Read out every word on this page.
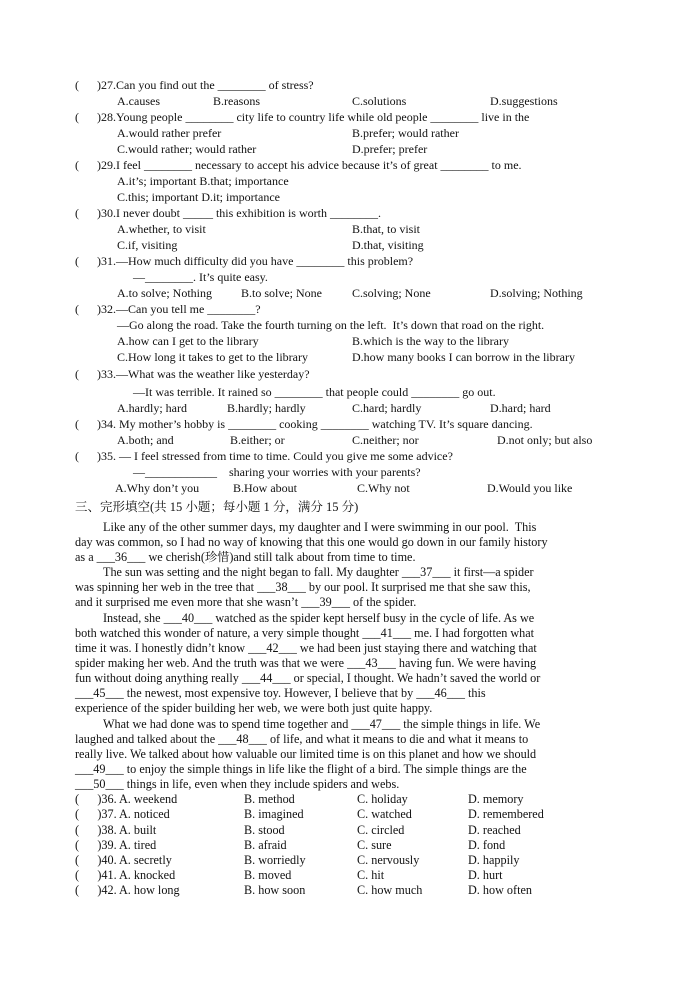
(      )27.Can you find out the ________ of stress?
A.causes	B.reasons	C.solutions	D.suggestions
(      )28.Young people ________ city life to country life while old people ________ live in the
A.would rather prefer	B.prefer; would rather
C.would rather; would rather	D.prefer; prefer
(      )29.I feel ________ necessary to accept his advice because it’s of great ________ to me.
A.it’s; important B.that; importance
C.this; important D.it; importance
(      )30.I never doubt _____ this exhibition is worth ________.
A.whether, to visit	B.that, to visit
C.if, visiting	D.that, visiting
(      )31.—How much difficulty did you have ________ this problem?
—________. It’s quite easy.
A.to solve; Nothing B.to solve; None	C.solving; None	D.solving; Nothing
(      )32.—Can you tell me ________?
—Go along the road. Take the fourth turning on the left.  It’s down that road on the right.
A.how can I get to the library	B.which is the way to the library
C.How long it takes to get to the library	D.how many books I can borrow in the library
(      )33.—What was the weather like yesterday?
—It was terrible. It rained so ________ that people could ________ go out.
A.hardly; hard	B.hardly; hardly	C.hard; hardly	D.hard; hard
(      )34. My mother’s hobby is ________ cooking ________ watching TV. It’s square dancing.
A.both; and	B.either; or	C.neither; nor	D.not only; but also
(      )35. — I feel stressed from time to time. Could you give me some advice?
—____________    sharing your worries with your parents?
A.Why don’t you	B.How about	C.Why not	D.Would you like
三、完形填空(共 15 小题；每小题 1 分，满分 15 分)
Like any of the other summer days, my daughter and I were swimming in our pool.  This
day was common, so I had no way of knowing that this one would go down in our family history
as a ___36___ we cherish(珍惜)and still talk about from time to time.
The sun was setting and the night began to fall. My daughter ___37___ it first—a spider
was spinning her web in the tree that ___38___ by our pool. It surprised me that she saw this,
and it surprised me even more that she wasn’t ___39___ of the spider.
Instead, she ___40___ watched as the spider kept herself busy in the cycle of life. As we
both watched this wonder of nature, a very simple thought ___41___ me. I had forgotten what
time it was. I honestly didn’t know ___42___ we had been just staying there and watching that
spider making her web. And the truth was that we were ___43___ having fun. We were having
fun without doing anything really ___44___ or special, I thought. We hadn’t saved the world or
___45___ the newest, most expensive toy. However, I believe that by ___46___ this
experience of the spider building her web, we were both just quite happy.
What we had done was to spend time together and ___47___ the simple things in life. We
laughed and talked about the ___48___ of life, and what it means to die and what it means to
really live. We talked about how valuable our limited time is on this planet and how we should
___49___ to enjoy the simple things in life like the flight of a bird. The simple things are the
___50___ things in life, even when they include spiders and webs.
(      )36. A. weekend	B. method	C. holiday	D. memory
(      )37. A. noticed	B. imagined	C. watched	D. remembered
(      )38. A. built	B. stood	C. circled	D. reached
(      )39. A. tired	B. afraid	C. sure	D. fond
(      )40. A. secretly	B. worriedly	C. nervously	D. happily
(      )41. A. knocked	B. moved	C. hit	D. hurt
(      )42. A. how long	B. how soon	C. how much	D. how often
